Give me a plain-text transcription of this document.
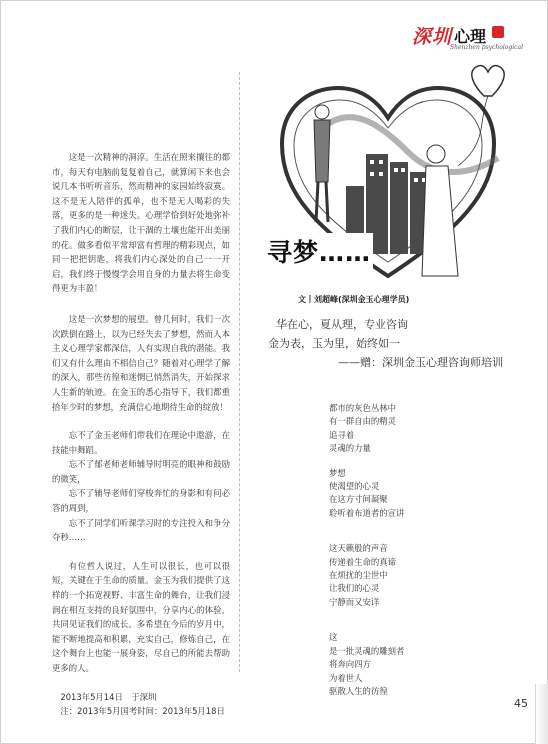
深圳 心理
Shenzhen psychological

这是一次精神的洞淳。生活在照来攘往的都市，每天有电脑前复复着自己，就算闲下来也会说几本书听听音乐，然而精神的家园始终寂寞。这不是无人陪伴的孤单，也不是无人喝彩的失落，更多的是一种迷失。心理学恰到好处地弥补了我们内心的断层，让干涸的土壤也能开出美丽的花。做多看似平常却富有哲理的精彩现点，如同一把把钥匙，将我们内心深处的自己一一开启，我们终于慢慢学会用自身的力量去将生命变得更为丰盈！

这是一次梦想的展望。曾几何时，我们一次次跌倒在路上，以为已经失去了梦想，然而人本主义心理学家都深信，人有实现自我的潜能。我们又有什么理由不相信自己？随着对心理学了解的深入，那些彷徨和迷惘已悄然消失，开始探求人生新的轨迹。在金玉的悉心指导下，我们都重拾年少时的梦想，充满信心地期待生命的绽放！

忘不了金玉老师们带我们在理论中遨游，在技能中舞蹈。

忘不了郁老师老师辅导时明亮的眼神和鼓励的微笑，

忘不了辅导老师们穿梭奔忙的身影和有问必答的周到，

忘不了同学们听课学习时的专注投入和争分夺秒……

有位哲人说过，人生可以很长，也可以很短，关键在于生命的质量。金玉为我们提供了这样的一个拓宽视野、丰富生命的舞台，让我们浸润在相互支持的良好氛围中，分享内心的体验，共同见证我们的成长。多希望在今后的岁月中，能不断地提高和积累，充实自己，修炼自己，在这个舞台上也能一展身姿，尽自己的所能去帮助更多的人。

2013年5月14日　于深圳

注：2013年5月国考时间：2013年5月18日

寻梦……
文丨刘超峰(深圳金玉心理学员)
华在心，夏从理，专业咨询
金为表，玉为里，始终如一
——赠：深圳金玉心理咨询师培训
都市的灰色丛林中
有一群自由的精灵
追寻着
灵魂的力量
梦想
使渴望的心灵
在这方寸间凝聚
聆听着布道者的宣讲
这天籁般的声音
传递着生命的真谛
在烦扰的尘世中
让我们的心灵
宁静而又安详
这
是一批灵魂的雕刻者
将奔向四方
为着世人
驱散人生的彷徨
45
